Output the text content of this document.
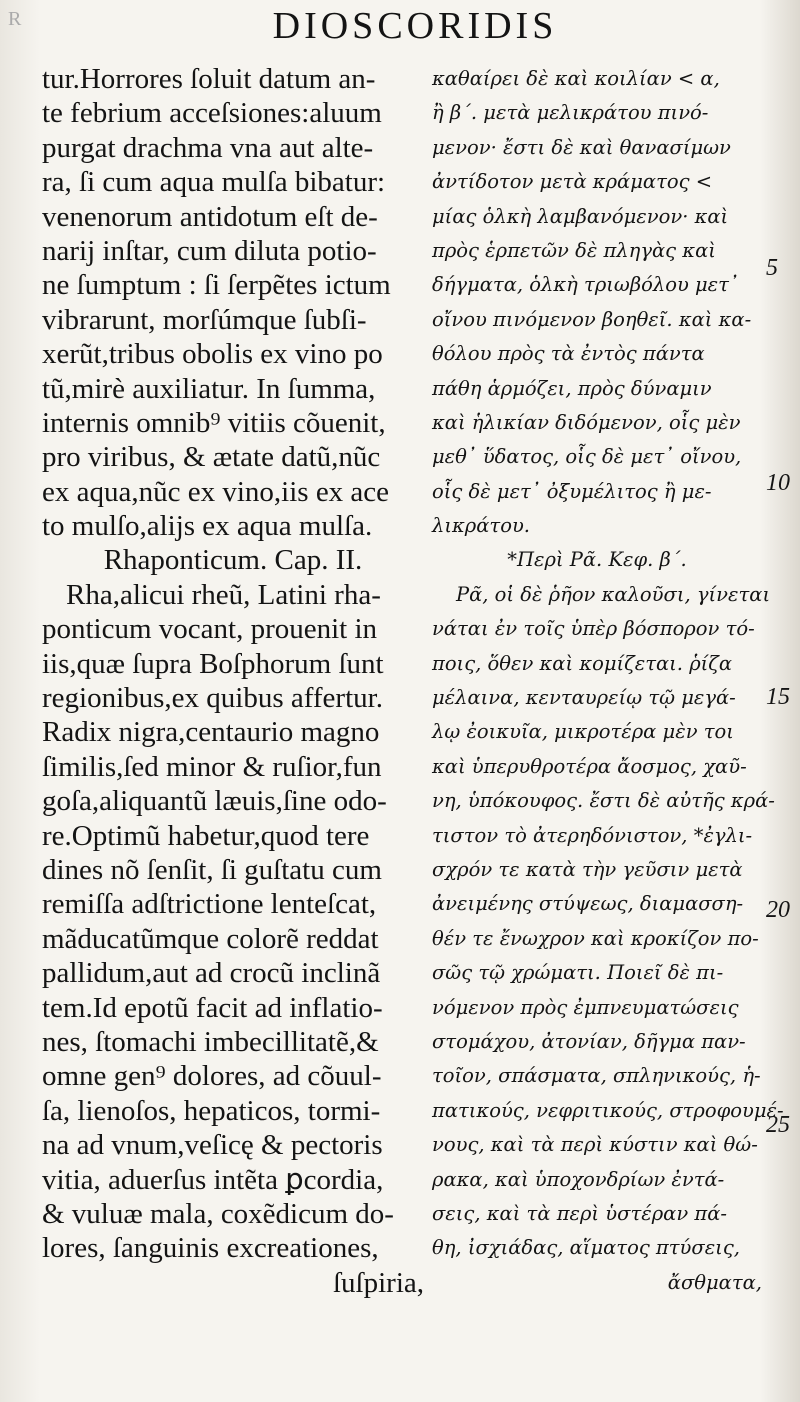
R	DIOSCORIDIS
tur.Horrores ſoluit datum an-
te febrium acceſsiones:aluum
purgat drachma vna aut alte-
ra, ſi cum aqua mulſa bibatur:
venenorum antidotum eſt de-
narij inſtar, cum diluta potio-
ne ſumptum : ſi ſerpẽtes ictum
vibrarunt, morſúmque ſubſi-
xerũt,tribus obolis ex vino po
tũ,mirè auxiliatur. In ſumma,
internis omnib⁹ vitiis cõuenit,
pro viribus, & ætate datũ,nũc
ex aqua,nũc ex vino,iis ex ace
to mulſo,alijs ex aqua mulſa.
Rhaponticum. Cap. II.
Rha,alicui rheũ, Latini rha-
ponticum vocant, prouenit in
iis,quæ ſupra Boſphorum ſunt
regionibus,ex quibus affertur.
Radix nigra,centaurio magno
ſimilis,ſed minor & ruſior,fun
goſa,aliquantũ læuis,ſine odo-
re.Optimũ habetur,quod tere
dines nõ ſenſit, ſi guſtatu cum
remiſſa adſtrictione lenteſcat,
mãducatũmque colorẽ reddat
pallidum,aut ad crocũ inclinã
tem.Id epotũ facit ad inflatio-
nes, ſtomachi imbecillitatẽ,&
omne gen⁹ dolores, ad cõuul-
ſa, lienoſos, hepaticos, tormi-
na ad vnum,veſicę & pectoris
vitia, aduerſus intẽta ꝑcordia,
& vuluæ mala, coxẽdicum do-
lores, ſanguinis excreationes,
ſuſpiria,
καθαίρει δὲ καὶ κοιλίαν < α,
ἢ β΄. μετὰ μελικράτου πινό-
μενον· ἔστι δὲ καὶ θανασίμων
ἀντίδοτον μετὰ κράματος <
μίας ὁλκὴ λαμβανόμενον· καὶ
πρὸς ἑρπετῶν δὲ πληγὰς καὶ
δήγματα, ὁλκὴ τριωβόλου μετ᾽
οἴνου πινόμενον βοηθεῖ. καὶ κα-
θόλου πρὸς τὰ ἐντὸς πάντα
πάθη ἁρμόζει, πρὸς δύναμιν
καὶ ἡλικίαν διδόμενον, οἷς μὲν
μεθ᾽ ὕδατος, οἷς δὲ μετ᾽ οἴνου,
οἷς δὲ μετ᾽ ὀξυμέλιτος ἢ με-
λικράτου.
*Περὶ Ρᾶ. Κεφ. β΄.
Ρᾶ, οἱ δὲ ῥῆον καλοῦσι, γίνεται
νάται ἐν τοῖς ὑπὲρ βόσπορον τό-
ποις, ὅθεν καὶ κομίζεται. ῥίζα
μέλαινα, κενταυρείῳ τῷ μεγά-
λῳ ἐοικυῖα, μικροτέρα μὲν τοι
καὶ ὑπερυθροτέρα ἄοσμος, χαῦ-
νη, ὑπόκουφος. ἔστι δὲ αὐτῆς κρά-
τιστον τὸ ἀτερηδόνιστον, *ἐγλι-
σχρόν τε κατὰ τὴν γεῦσιν μετὰ
ἀνειμένης στύψεως, διαμασση-
θέν τε ἔνωχρον καὶ κροκίζον πο-
σῶς τῷ χρώματι. Ποιεῖ δὲ πι-
νόμενον πρὸς ἐμπνευματώσεις
στομάχου, ἀτονίαν, δῆγμα παν-
τοῖον, σπάσματα, σπληνικούς, ἡ-
πατικούς, νεφριτικούς, στροφουμέ-
νους, καὶ τὰ περὶ κύστιν καὶ θώ-
ρακα, καὶ ὑποχονδρίων ἐντά-
σεις, καὶ τὰ περὶ ὑστέραν πά-
θη, ἰσχιάδας, αἵματος πτύσεις,
ἄσθματα,
5
10
15
20
25
